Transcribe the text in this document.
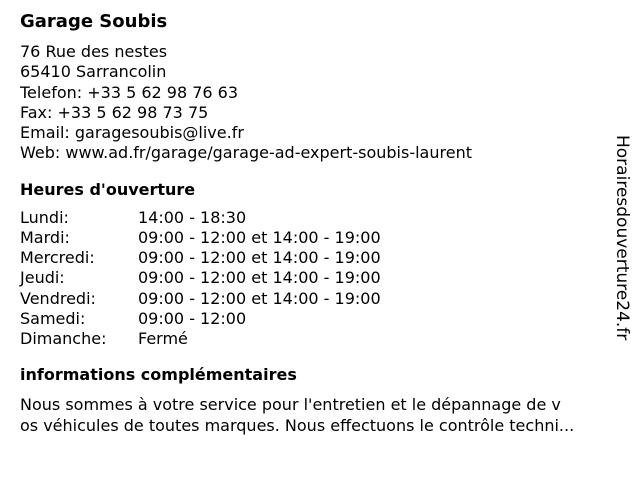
Garage Soubis
76 Rue des nestes
65410 Sarrancolin
Telefon: +33 5 62 98 76 63
Fax: +33 5 62 98 73 75
Email: garagesoubis@live.fr
Web: www.ad.fr/garage/garage-ad-expert-soubis-laurent
Heures d'ouverture
Lundi:	14:00 - 18:30
Mardi:	09:00 - 12:00 et 14:00 - 19:00
Mercredi:	09:00 - 12:00 et 14:00 - 19:00
Jeudi:	09:00 - 12:00 et 14:00 - 19:00
Vendredi:	09:00 - 12:00 et 14:00 - 19:00
Samedi:	09:00 - 12:00
Dimanche:	Fermé
informations complémentaires
Nous sommes à votre service pour l'entretien et le dépannage de v
os véhicules de toutes marques. Nous effectuons le contrôle techni...
Horairesdouverture24.fr
